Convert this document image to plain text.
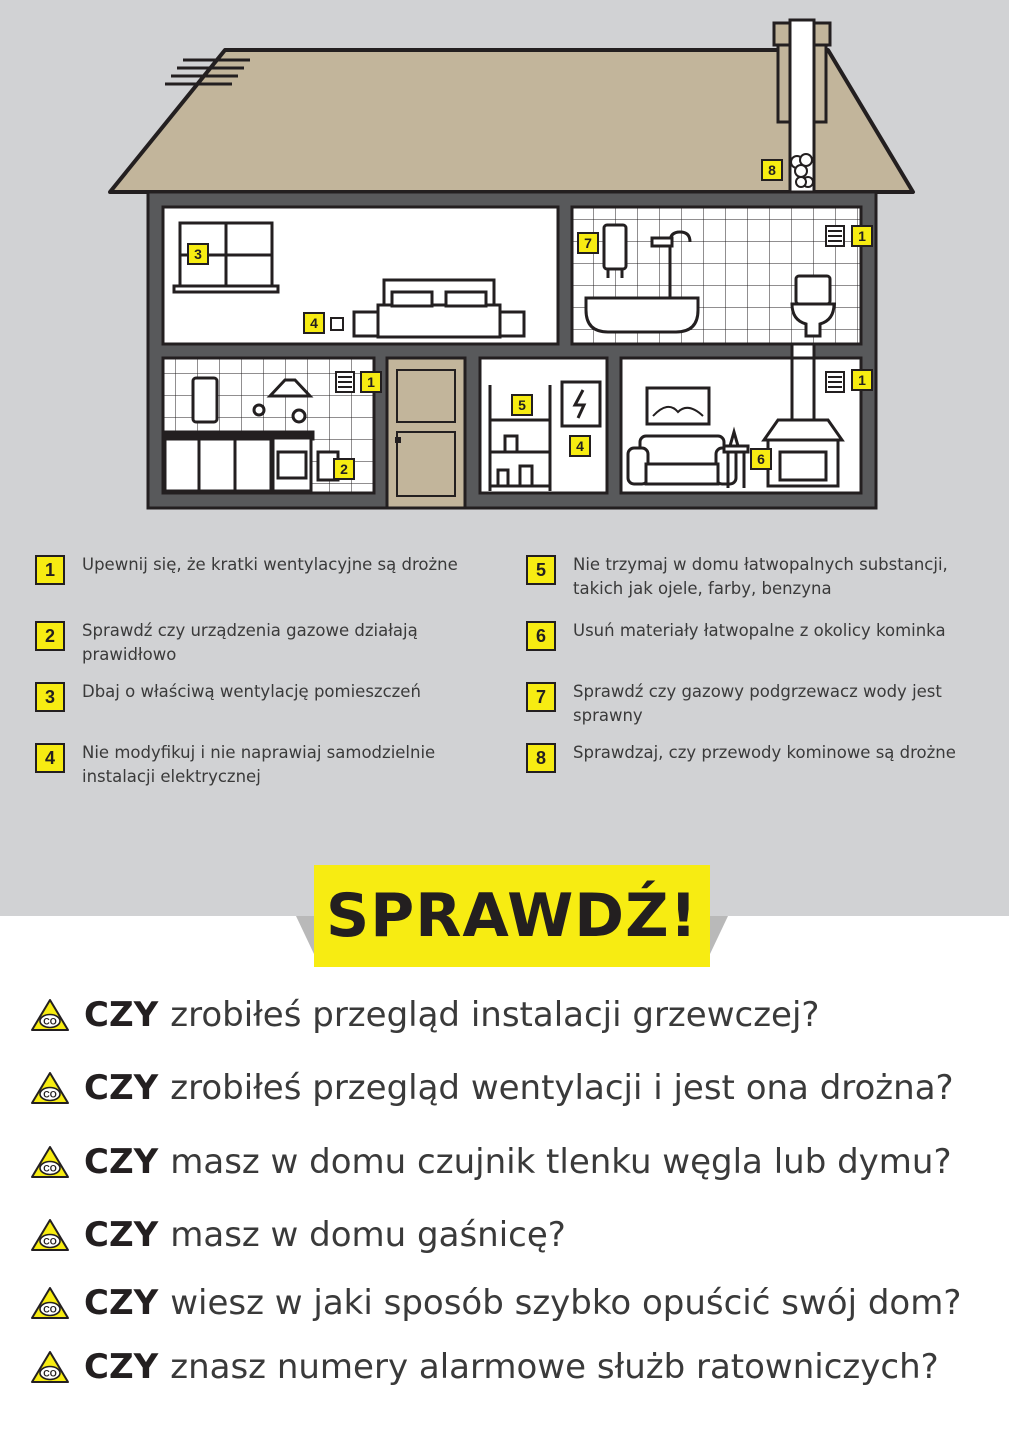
8
3
4
7	1
1
2
5
4
6
1
1	Upewnij się, że kratki wentylacyjne są drożne
2	Sprawdź czy urządzenia gazowe działają
prawidłowo
3	Dbaj o właściwą wentylację pomieszczeń
4	Nie modyfikuj i nie naprawiaj samodzielnie
instalacji elektrycznej
5	Nie trzymaj w domu łatwopalnych substancji,
takich jak ojele, farby, benzyna
6	Usuń materiały łatwopalne z okolicy kominka
7	Sprawdź czy gazowy podgrzewacz wody jest
sprawny
8	Sprawdzaj, czy przewody kominowe są drożne
SPRAWDŹ!
CO CZY zrobiłeś przegląd instalacji grzewczej?
CO CZY zrobiłeś przegląd wentylacji i jest ona drożna?
CO CZY masz w domu czujnik tlenku węgla lub dymu?
CO CZY masz w domu gaśnicę?
CO CZY wiesz w jaki sposób szybko opuścić swój dom?
CO CZY znasz numery alarmowe służb ratowniczych?
